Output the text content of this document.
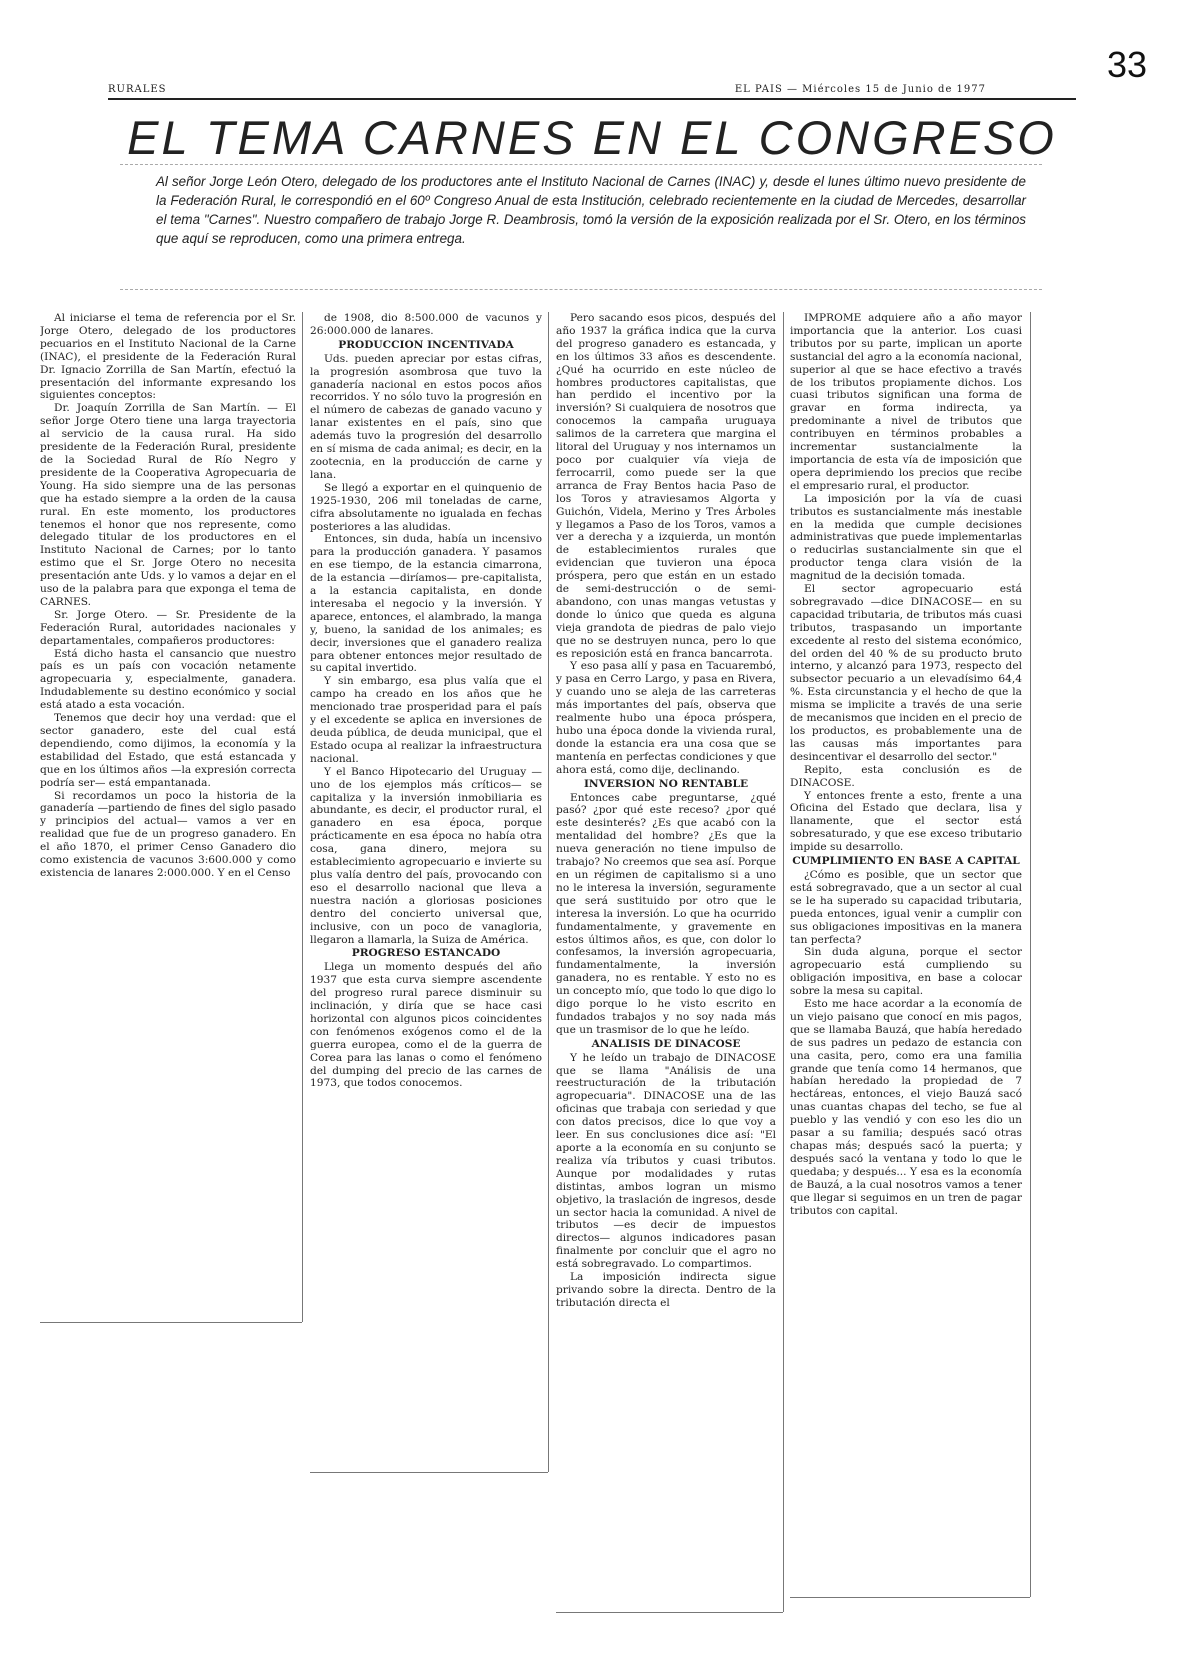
33
RURALES	EL PAIS — Miércoles 15 de Junio de 1977
EL TEMA CARNES EN EL CONGRESO
Al señor Jorge León Otero, delegado de los productores ante el Instituto Nacional de Carnes (INAC) y, desde el lunes último nuevo presidente de la Federación Rural, le correspondió en el 60º Congreso Anual de esta Institución, celebrado recientemente en la ciudad de Mercedes, desarrollar el tema "Carnes". Nuestro compañero de trabajo Jorge R. Deambrosis, tomó la versión de la exposición realizada por el Sr. Otero, en los términos que aquí se reproducen, como una primera entrega.

Al iniciarse el tema de referencia por el Sr. Jorge Otero, delegado de los productores pecuarios en el Instituto Nacional de la Carne (INAC), el presidente de la Federación Rural Dr. Ignacio Zorrilla de San Martín, efectuó la presentación del informante expresando los siguientes conceptos:

Dr. Joaquín Zorrilla de San Martín. — El señor Jorge Otero tiene una larga trayectoria al servicio de la causa rural. Ha sido presidente de la Federación Rural, presidente de la Sociedad Rural de Río Negro y presidente de la Cooperativa Agropecuaria de Young. Ha sido siempre una de las personas que ha estado siempre a la orden de la causa rural. En este momento, los productores tenemos el honor que nos represente, como delegado titular de los productores en el Instituto Nacional de Carnes; por lo tanto estimo que el Sr. Jorge Otero no necesita presentación ante Uds. y lo vamos a dejar en el uso de la palabra para que exponga el tema de CARNES.

Sr. Jorge Otero. — Sr. Presidente de la Federación Rural, autoridades nacionales y departamentales, compañeros productores:

Está dicho hasta el cansancio que nuestro país es un país con vocación netamente agropecuaria y, especialmente, ganadera. Indudablemente su destino económico y social está atado a esta vocación.

Tenemos que decir hoy una verdad: que el sector ganadero, este del cual está dependiendo, como dijimos, la economía y la estabilidad del Estado, que está estancada y que en los últimos años —la expresión correcta podría ser— está empantanada.

Si recordamos un poco la historia de la ganadería —partiendo de fines del siglo pasado y principios del actual— vamos a ver en realidad que fue de un progreso ganadero. En el año 1870, el primer Censo Ganadero dio como existencia de vacunos 3:600.000 y como existencia de lanares 2:000.000. Y en el Censo

de 1908, dio 8:500.000 de vacunos y 26:000.000 de lanares.

PRODUCCION INCENTIVADA

Uds. pueden apreciar por estas cifras, la progresión asombrosa que tuvo la ganadería nacional en estos pocos años recorridos. Y no sólo tuvo la progresión en el número de cabezas de ganado vacuno y lanar existentes en el país, sino que además tuvo la progresión del desarrollo en sí misma de cada animal; es decir, en la zootecnia, en la producción de carne y lana.

Se llegó a exportar en el quinquenio de 1925-1930, 206 mil toneladas de carne, cifra absolutamente no igualada en fechas posteriores a las aludidas.

Entonces, sin duda, había un incensivo para la producción ganadera. Y pasamos en ese tiempo, de la estancia cimarrona, de la estancia —diríamos— pre-capitalista, a la estancia capitalista, en donde interesaba el negocio y la inversión. Y aparece, entonces, el alambrado, la manga y, bueno, la sanidad de los animales; es decir, inversiones que el ganadero realiza para obtener entonces mejor resultado de su capital invertido.

Y sin embargo, esa plus valía que el campo ha creado en los años que he mencionado trae prosperidad para el país y el excedente se aplica en inversiones de deuda pública, de deuda municipal, que el Estado ocupa al realizar la infraestructura nacional.

Y el Banco Hipotecario del Uruguay —uno de los ejemplos más críticos— se capitaliza y la inversión inmobiliaria es abundante, es decir, el productor rural, el ganadero en esa época, porque prácticamente en esa época no había otra cosa, gana dinero, mejora su establecimiento agropecuario e invierte su plus valía dentro del país, provocando con eso el desarrollo nacional que lleva a nuestra nación a gloriosas posiciones dentro del concierto universal que, inclusive, con un poco de vanagloria, llegaron a llamarla, la Suiza de América.

PROGRESO ESTANCADO

Llega un momento después del año 1937 que esta curva siempre ascendente del progreso rural parece disminuir su inclinación, y diría que se hace casi horizontal con algunos picos coincidentes con fenómenos exógenos como el de la guerra europea, como el de la guerra de Corea para las lanas o como el fenómeno del dumping del precio de las carnes de 1973, que todos conocemos.

Pero sacando esos picos, después del año 1937 la gráfica indica que la curva del progreso ganadero es estancada, y en los últimos 33 años es descendente. ¿Qué ha ocurrido en este núcleo de hombres productores capitalistas, que han perdido el incentivo por la inversión? Si cualquiera de nosotros que conocemos la campaña uruguaya salimos de la carretera que margina el litoral del Uruguay y nos internamos un poco por cualquier vía vieja de ferrocarril, como puede ser la que arranca de Fray Bentos hacia Paso de los Toros y atraviesamos Algorta y Guichón, Videla, Merino y Tres Árboles y llegamos a Paso de los Toros, vamos a ver a derecha y a izquierda, un montón de establecimientos rurales que evidencian que tuvieron una época próspera, pero que están en un estado de semi-destrucción o de semi-abandono, con unas mangas vetustas y donde lo único que queda es alguna vieja grandota de piedras de palo viejo que no se destruyen nunca, pero lo que es reposición está en franca bancarrota.

Y eso pasa allí y pasa en Tacuarembó, y pasa en Cerro Largo, y pasa en Rivera, y cuando uno se aleja de las carreteras más importantes del país, observa que realmente hubo una época próspera, hubo una época donde la vivienda rural, donde la estancia era una cosa que se mantenía en perfectas condiciones y que ahora está, como dije, declinando.

INVERSION NO RENTABLE

Entonces cabe preguntarse, ¿qué pasó? ¿por qué este receso? ¿por qué este desinterés? ¿Es que acabó con la mentalidad del hombre? ¿Es que la nueva generación no tiene impulso de trabajo? No creemos que sea así. Porque en un régimen de capitalismo si a uno no le interesa la inversión, seguramente que será sustituido por otro que le interesa la inversión. Lo que ha ocurrido fundamentalmente, y gravemente en estos últimos años, es que, con dolor lo confesamos, la inversión agropecuaria, fundamentalmente, la inversión ganadera, no es rentable. Y esto no es un concepto mío, que todo lo que digo lo digo porque lo he visto escrito en fundados trabajos y no soy nada más que un trasmisor de lo que he leído.

ANALISIS DE DINACOSE

Y he leído un trabajo de DINACOSE que se llama "Análisis de una reestructuración de la tributación agropecuaria". DINACOSE una de las oficinas que trabaja con seriedad y que con datos precisos, dice lo que voy a leer. En sus conclusiones dice así: "El aporte a la economía en su conjunto se realiza vía tributos y cuasi tributos. Aunque por modalidades y rutas distintas, ambos logran un mismo objetivo, la traslación de ingresos, desde un sector hacia la comunidad. A nivel de tributos —es decir de impuestos directos— algunos indicadores pasan finalmente por concluir que el agro no está sobregravado. Lo compartimos.

La imposición indirecta sigue privando sobre la directa. Dentro de la tributación directa el

IMPROME adquiere año a año mayor importancia que la anterior. Los cuasi tributos por su parte, implican un aporte sustancial del agro a la economía nacional, superior al que se hace efectivo a través de los tributos propiamente dichos. Los cuasi tributos significan una forma de gravar en forma indirecta, ya predominante a nivel de tributos que contribuyen en términos probables a incrementar sustancialmente la importancia de esta vía de imposición que opera deprimiendo los precios que recibe el empresario rural, el productor.

La imposición por la vía de cuasi tributos es sustancialmente más inestable en la medida que cumple decisiones administrativas que puede implementarlas o reducirlas sustancialmente sin que el productor tenga clara visión de la magnitud de la decisión tomada.

El sector agropecuario está sobregravado —dice DINACOSE— en su capacidad tributaria, de tributos más cuasi tributos, traspasando un importante excedente al resto del sistema económico, del orden del 40 % de su producto bruto interno, y alcanzó para 1973, respecto del subsector pecuario a un elevadísimo 64,4 %. Esta circunstancia y el hecho de que la misma se implicite a través de una serie de mecanismos que inciden en el precio de los productos, es probablemente una de las causas más importantes para desincentivar el desarrollo del sector."

Repito, esta conclusión es de DINACOSE.

Y entonces frente a esto, frente a una Oficina del Estado que declara, lisa y llanamente, que el sector está sobresaturado, y que ese exceso tributario impide su desarrollo.

CUMPLIMIENTO EN BASE A CAPITAL

¿Cómo es posible, que un sector que está sobregravado, que a un sector al cual se le ha superado su capacidad tributaria, pueda entonces, igual venir a cumplir con sus obligaciones impositivas en la manera tan perfecta?

Sin duda alguna, porque el sector agropecuario está cumpliendo su obligación impositiva, en base a colocar sobre la mesa su capital.

Esto me hace acordar a la economía de un viejo paisano que conocí en mis pagos, que se llamaba Bauzá, que había heredado de sus padres un pedazo de estancia con una casita, pero, como era una familia grande que tenía como 14 hermanos, que habían heredado la propiedad de 7 hectáreas, entonces, el viejo Bauzá sacó unas cuantas chapas del techo, se fue al pueblo y las vendió y con eso les dio un pasar a su familia; después sacó otras chapas más; después sacó la puerta; y después sacó la ventana y todo lo que le quedaba; y después... Y esa es la economía de Bauzá, a la cual nosotros vamos a tener que llegar si seguimos en un tren de pagar tributos con capital.
